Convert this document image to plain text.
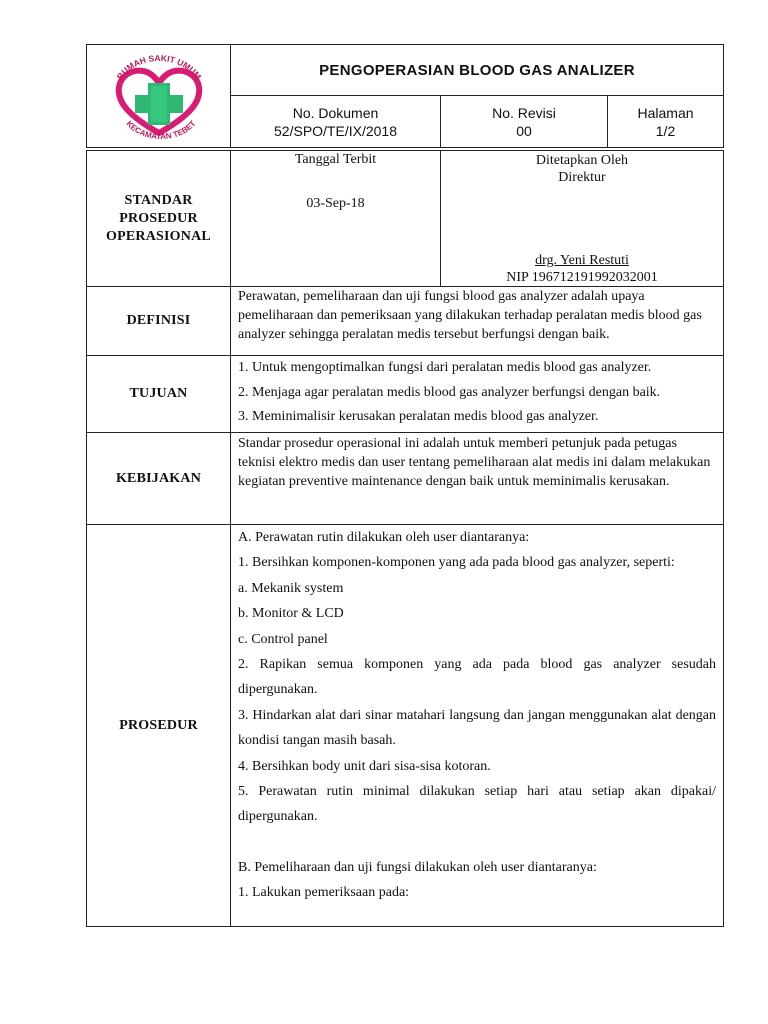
RUMAH SAKIT UMUM
KECAMATAN TEBET
PENGOPERASIAN BLOOD GAS ANALIZER
No. Dokumen
52/SPO/TE/IX/2018
No. Revisi
00
Halaman
1/2
STANDAR
PROSEDUR
OPERASIONAL
Tanggal Terbit
03-Sep-18
Ditetapkan Oleh
Direktur
drg. Yeni Restuti
NIP 196712191992032001
DEFINISI

Perawatan, pemeliharaan dan uji fungsi blood gas analyzer adalah upaya pemeliharaan dan pemeriksaan yang dilakukan terhadap peralatan medis blood gas analyzer sehingga peralatan medis tersebut berfungsi dengan baik.

TUJUAN

1. Untuk mengoptimalkan fungsi dari peralatan medis blood gas analyzer.

2. Menjaga agar peralatan medis blood gas analyzer berfungsi dengan baik.

3. Meminimalisir kerusakan peralatan medis blood gas analyzer.

KEBIJAKAN

Standar prosedur operasional ini adalah untuk memberi petunjuk pada petugas teknisi elektro medis dan user tentang pemeliharaan alat medis ini dalam melakukan kegiatan preventive maintenance dengan baik untuk meminimalis kerusakan.

PROSEDUR

A. Perawatan rutin dilakukan oleh user diantaranya:

1. Bersihkan komponen-komponen yang ada pada blood gas analyzer, seperti:

a. Mekanik system

b. Monitor & LCD

c. Control panel

2. Rapikan semua komponen yang ada pada blood gas analyzer sesudah dipergunakan.

3. Hindarkan alat dari sinar matahari langsung dan jangan menggunakan alat dengan kondisi tangan masih basah.

4. Bersihkan body unit dari sisa-sisa kotoran.

5. Perawatan rutin minimal dilakukan setiap hari atau setiap akan dipakai/ dipergunakan.

B. Pemeliharaan dan uji fungsi dilakukan oleh user diantaranya:

1. Lakukan pemeriksaan pada:
